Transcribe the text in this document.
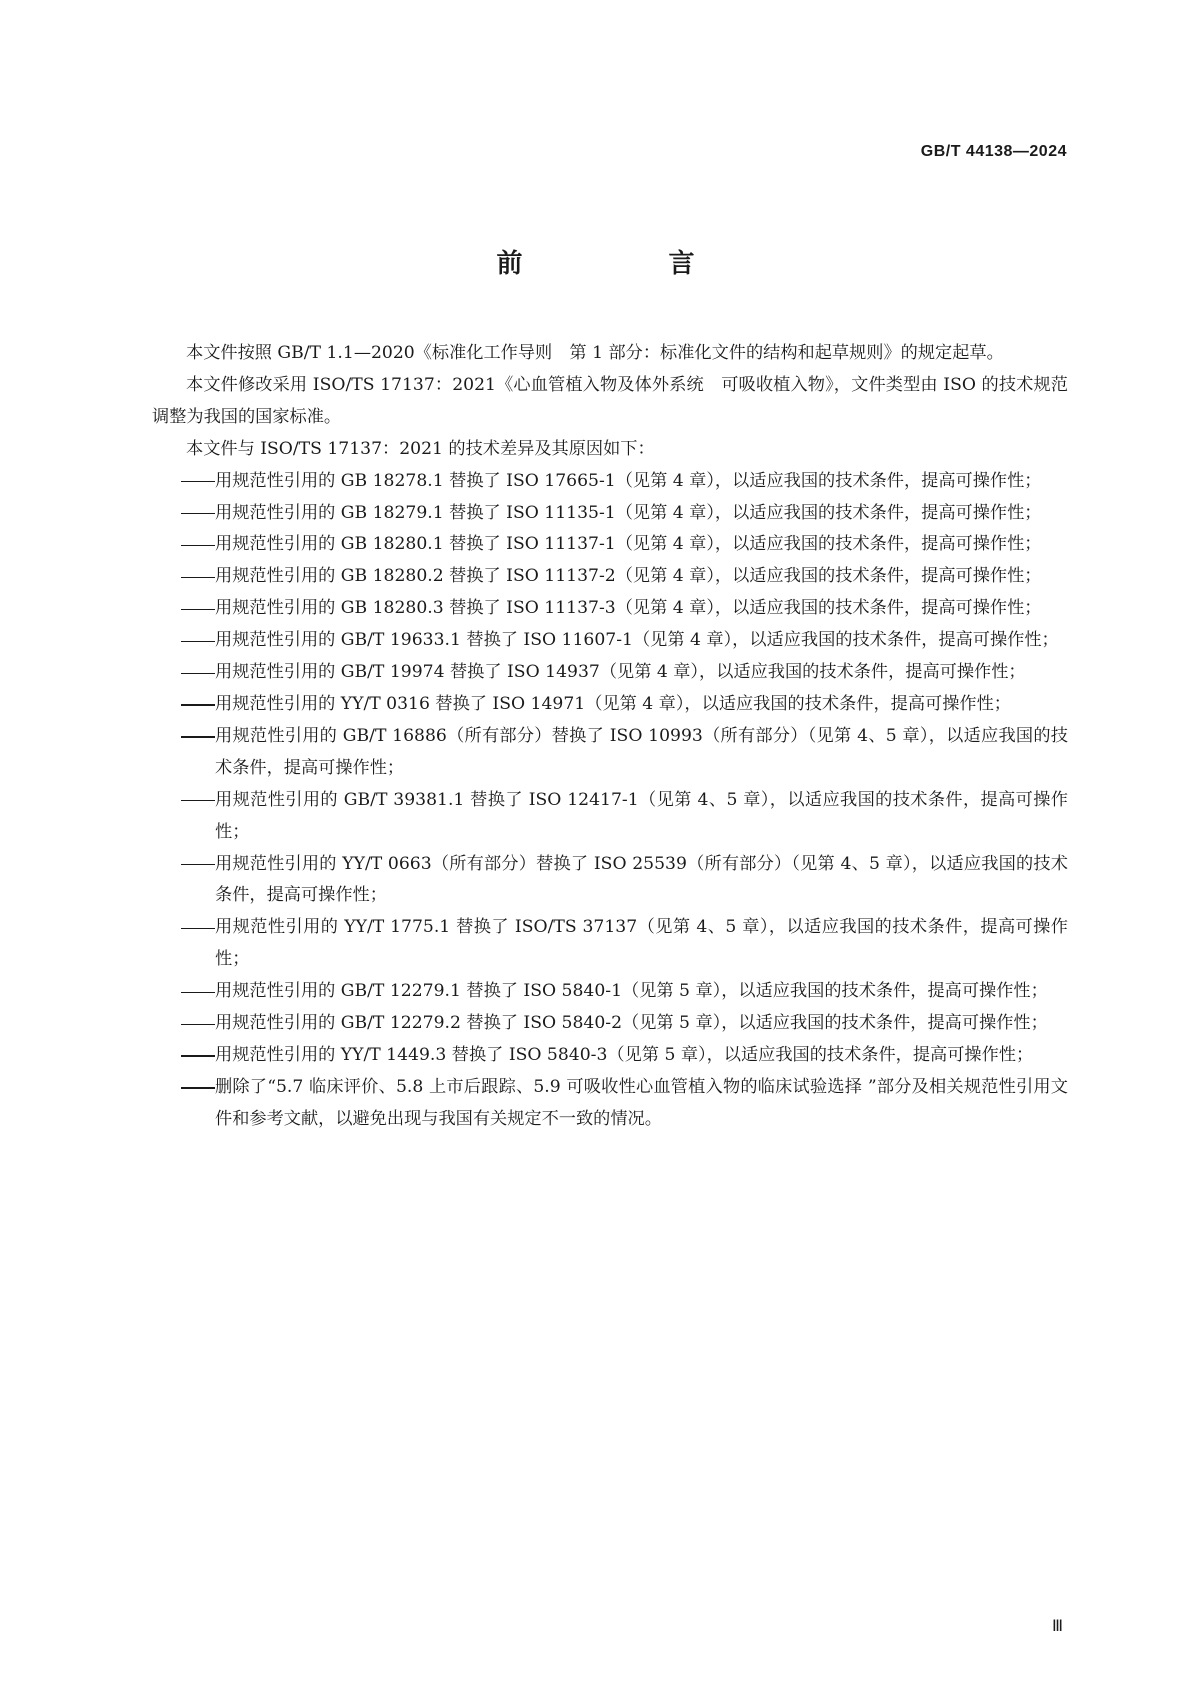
GB/T 44138—2024
前　言

本文件按照 GB/T 1.1—2020《标准化工作导则　第 1 部分：标准化文件的结构和起草规则》的规定起草。

本文件修改采用 ISO/TS 17137：2021《心血管植入物及体外系统　可吸收植入物》，文件类型由 ISO 的技术规范调整为我国的国家标准。

本文件与 ISO/TS 17137：2021 的技术差异及其原因如下：

用规范性引用的 GB 18278.1 替换了 ISO 17665-1（见第 4 章），以适应我国的技术条件，提高可操作性；

用规范性引用的 GB 18279.1 替换了 ISO 11135-1（见第 4 章），以适应我国的技术条件，提高可操作性；

用规范性引用的 GB 18280.1 替换了 ISO 11137-1（见第 4 章），以适应我国的技术条件，提高可操作性；

用规范性引用的 GB 18280.2 替换了 ISO 11137-2（见第 4 章），以适应我国的技术条件，提高可操作性；

用规范性引用的 GB 18280.3 替换了 ISO 11137-3（见第 4 章），以适应我国的技术条件，提高可操作性；

用规范性引用的 GB/T 19633.1 替换了 ISO 11607-1（见第 4 章），以适应我国的技术条件，提高可操作性；

用规范性引用的 GB/T 19974 替换了 ISO 14937（见第 4 章），以适应我国的技术条件，提高可操作性；

用规范性引用的 YY/T 0316 替换了 ISO 14971（见第 4 章），以适应我国的技术条件，提高可操作性；

用规范性引用的 GB/T 16886（所有部分）替换了 ISO 10993（所有部分）（见第 4、5 章），以适应我国的技术条件，提高可操作性；

用规范性引用的 GB/T 39381.1 替换了 ISO 12417-1（见第 4、5 章），以适应我国的技术条件，提高可操作性；

用规范性引用的 YY/T 0663（所有部分）替换了 ISO 25539（所有部分）（见第 4、5 章），以适应我国的技术条件，提高可操作性；

用规范性引用的 YY/T 1775.1 替换了 ISO/TS 37137（见第 4、5 章），以适应我国的技术条件，提高可操作性；

用规范性引用的 GB/T 12279.1 替换了 ISO 5840-1（见第 5 章），以适应我国的技术条件，提高可操作性；

用规范性引用的 GB/T 12279.2 替换了 ISO 5840-2（见第 5 章），以适应我国的技术条件，提高可操作性；

用规范性引用的 YY/T 1449.3 替换了 ISO 5840-3（见第 5 章），以适应我国的技术条件，提高可操作性；

删除了“5.7 临床评价、5.8 上市后跟踪、5.9 可吸收性心血管植入物的临床试验选择 ”部分及相关规范性引用文件和参考文献，以避免出现与我国有关规定不一致的情况。

Ⅲ
